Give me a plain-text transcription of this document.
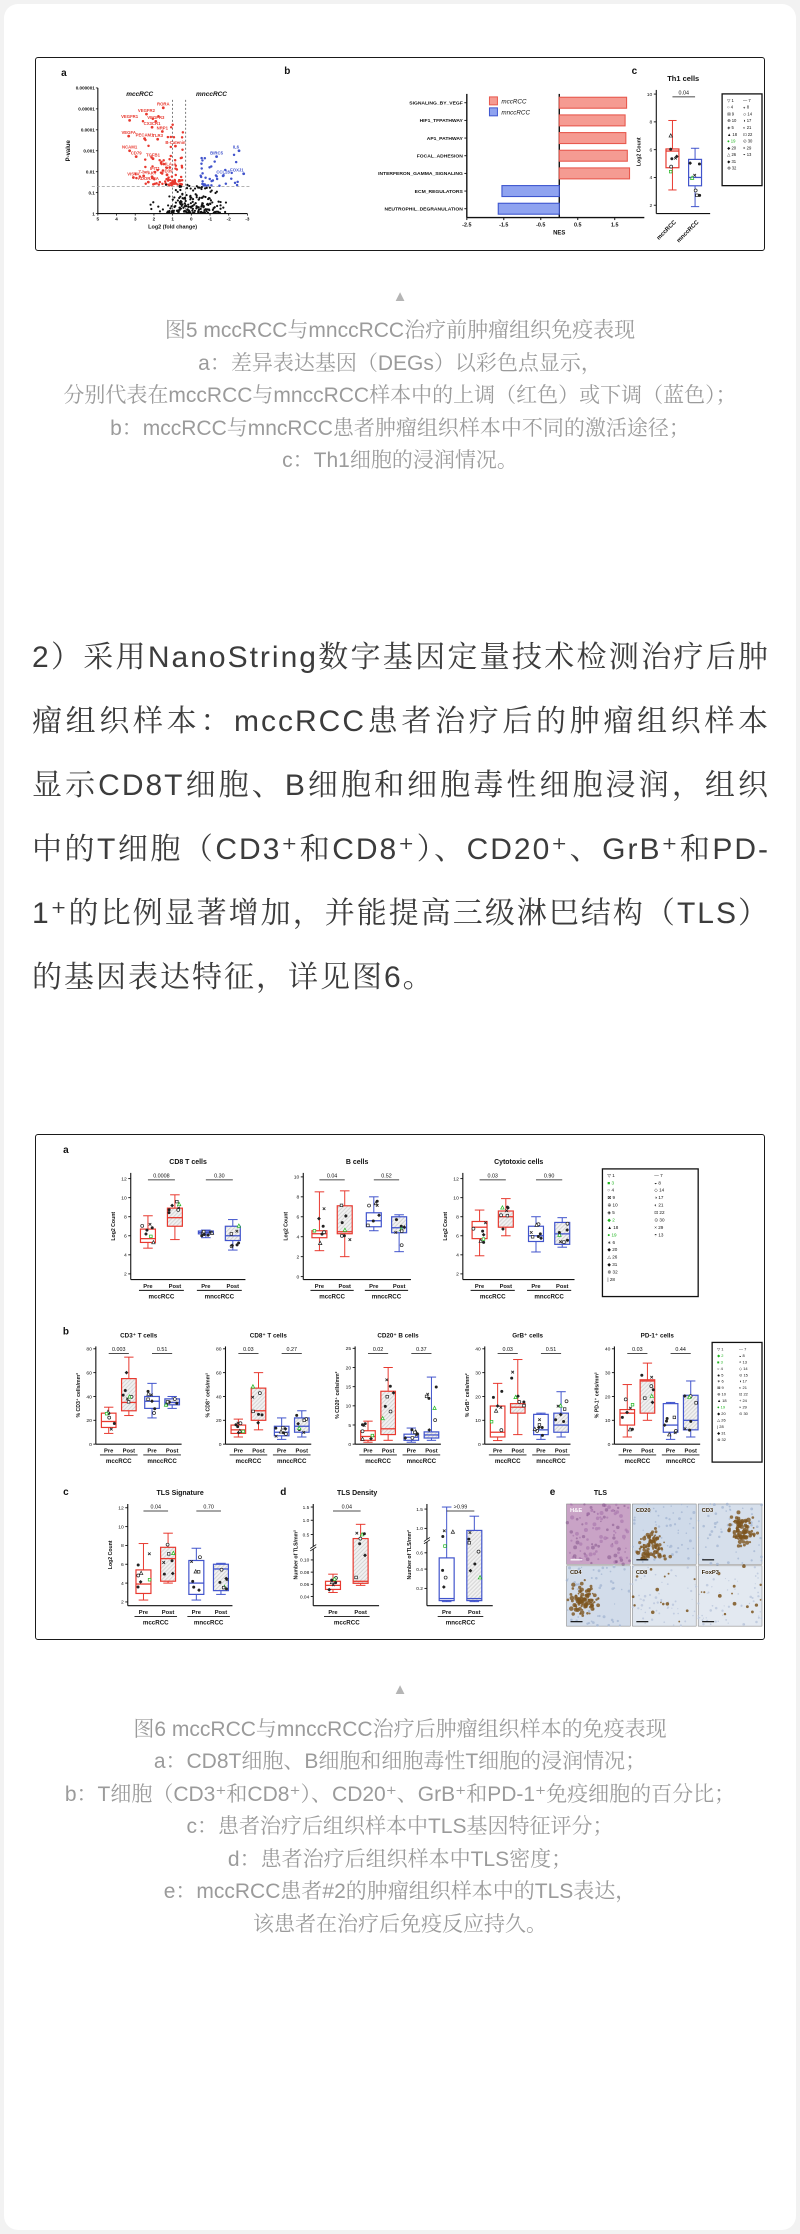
a
0.000001
0.00001
0.0001
0.001
0.01
0.1
1
5	4	3	2	1	0	-1	-2	-3
P-value
Log2 (fold change)
mccRCC	mnccRCC
RORA
VEGFR2
VEGFR1 VEGFR3
CX3CR1
NRP1
VEGFA
PECAM1
TLR3
B-Catenin
NCAM1
CD79 TGFB1
HLA-A
IFIT1
CD39
T-bet
AKT
VISTA
ADORA2A
IL6
BIRC5
FOXJ1
CCL28
b
SIGNALING_BY_VEGF
HIF1_TFPATHWAY
AP1_PATHWAY
FOCAL_ADHESION
INTERFERON_GAMMA_SIGNALING
ECM_REGULATORS
NEUTROPHIL_DEGRANULATION
-2.5	-1.5	-0.5	0.5	1.5
NES
mccRCC
mnccRCC
c
Th1 cells
2
4
6
8
10
Log2 Count
0.04
mccRCC
mnccRCC
▽ 1
○ 4
⊠ 9
⊕ 10
◈ 5
▲ 18
● 19
◆ 20
△ 26
◆ 31
⊗ 32
— 7
◒ 8
◇ 14
◑ 17
◐ 21
⊡ 22
⊙ 30
× 29
◓ 13
▲
图5 mccRCC与mnccRCC治疗前肿瘤组织免疫表现
a：差异表达基因（DEGs）以彩色点显示，
分别代表在mccRCC与mnccRCC样本中的上调（红色）或下调（蓝色）；
b：mccRCC与mncRCC患者肿瘤组织样本中不同的激活途径；
c：Th1细胞的浸润情况。

2）采用NanoString数字基因定量技术检测治疗后肿瘤组织样本：mccRCC患者治疗后的肿瘤组织样本显示CD8T细胞、B细胞和细胞毒性细胞浸润，组织中的T细胞（CD3⁺和CD8⁺）、CD20⁺、GrB⁺和PD-1⁺的比例显著增加，并能提高三级淋巴结构（TLS）的基因表达特征，详见图6。

a
CD8 T cells
2
4
6
8
10
12
Log2 Count
0.0008	0.30
Pre	Post	Pre	Post
mccRCC	mnccRCC
B cells
0
2
4
6
8
10
Log2 Count
0.04	0.52
Pre Post	Pre Post
mccRCC	mnccRCC
Cytotoxic cells
2
4
6
8
10
12
Log2 Count
0.03	0.90
Pre	Post	Pre	Post
mccRCC	mnccRCC
▽ 1
■ 3
○ 4
⊠ 9
⊕ 10
◈ 5
◆ 2
▲ 18
● 19
∗ 6
◆ 20
△ 26
◆ 31
⊗ 32
| 28
— 7
◒ 8
◇ 14
◑ 17
◐ 21
⊡ 22
⊙ 30
× 29
◓ 13
b	CD3⁺ T cells
0
20
40
60
80
% CD3⁺ cells/mm²
0.003	0.51
Pre Post Pre Post
mccRCC	mnccRCC
CD8⁺ T cells
0
20
40
60
80
% CD8⁺ cells/mm²
0.03	0.27
Pre Post Pre Post
mccRCC	mnccRCC
CD20⁺ B cells
0
5
10
15
20
25
% CD20⁺ cells/mm²
0.02	0.37
Pre Post Pre Post
mccRCC	mnccRCC
GrB⁺ cells
0
10
20
30
40
% GrB⁺ cells/mm²
0.03	0.51
Pre Post Pre Post
mccRCC	mnccRCC
PD-1⁺ cells
0
10
20
30
40
% PD-1⁺ cells/mm²
0.03	0.44
Pre Post Pre Post
mccRCC	mnccRCC
▽ 1
◆ 2
■ 3
○ 4
◈ 5
∗ 6
⊠ 9
⊕ 10
▲ 18
● 19
◆ 20
△ 26
| 28
◆ 31
⊗ 32
— 7
◒ 8
◓ 13
◇ 14
⊙ 15
◑ 17
◐ 21
⊡ 22
+ 24
× 29
⊙ 30
c	TLS Signature
2
4
6
8
10
12
Log2 Count
0.04	0.70
Pre Post	Pre Post
mccRCC	mnccRCC
d	TLS Density
1.5
1.0
0.5
0.10
0.08
0.06
0.04
Number of TLS/mm²
0.04
Pre	Post
mccRCC
1.5
1.0
0.6
0.4
0.2
Number of TLS/mm²
>0.99
Pre	Post
mnccRCC
e	TLS
H&E	CD20	CD3
CD4	CD8	FoxP3
▲
图6 mccRCC与mnccRCC治疗后肿瘤组织样本的免疫表现
a：CD8T细胞、B细胞和细胞毒性T细胞的浸润情况；
b：T细胞（CD3⁺和CD8⁺）、CD20⁺、GrB⁺和PD-1⁺免疫细胞的百分比；
c：患者治疗后组织样本中TLS基因特征评分；
d：患者治疗后组织样本中TLS密度；
e：mccRCC患者#2的肿瘤组织样本中的TLS表达，
该患者在治疗后免疫反应持久。
